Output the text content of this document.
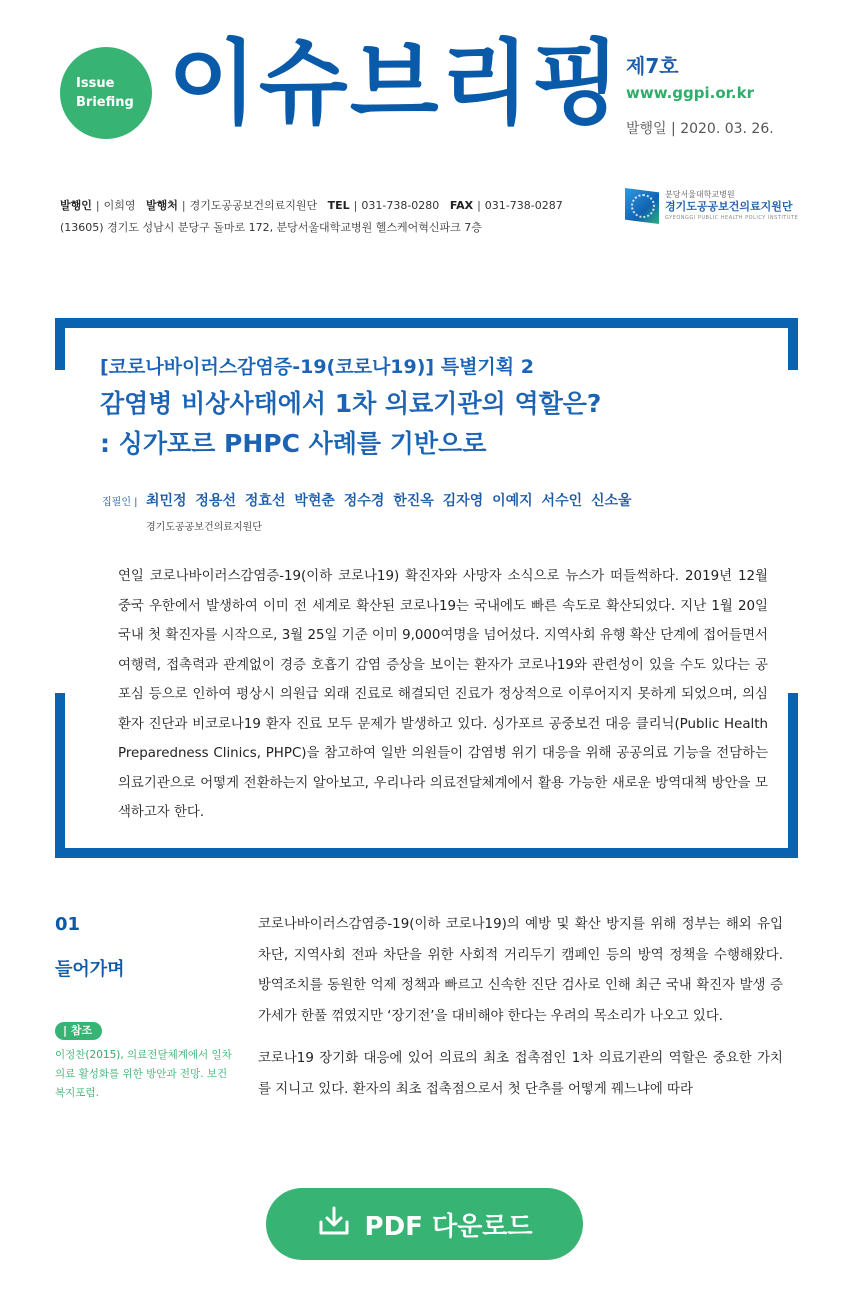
Issue
Briefing 이슈브리핑 제7호
www.ggpi.or.kr
발행일 | 2020. 03. 26.
발행인 | 이희영 발행처 | 경기도공공보건의료지원단 TEL | 031-738-0280 FAX | 031-738-0287
(13605) 경기도 성남시 분당구 돌마로 172, 분당서울대학교병원 헬스케어혁신파크 7층
분당서울대학교병원
경기도공공보건의료지원단
GYEONGGI PUBLIC HEALTH POLICY INSTITUTE
[코로나바이러스감염증-19(코로나19)] 특별기획 2
감염병 비상사태에서 1차 의료기관의 역할은?
: 싱가포르 PHPC 사례를 기반으로
집필인 | 최민정 정용선 정효선 박현춘 정수경 한진옥 김자영 이예지 서수인 신소울
경기도공공보건의료지원단
연일 코로나바이러스감염증-19(이하 코로나19) 확진자와 사망자 소식으로 뉴스가 떠들썩하다. 2019년 12월 중국 우한에서 발생하여 이미 전 세계로 확산된 코로나19는 국내에도 빠른 속도로 확산되었다. 지난 1월 20일 국내 첫 확진자를 시작으로, 3월 25일 기준 이미 9,000여명을 넘어섰다. 지역사회 유행 확산 단계에 접어들면서 여행력, 접촉력과 관계없이 경증 호흡기 감염 증상을 보이는 환자가 코로나19와 관련성이 있을 수도 있다는 공포심 등으로 인하여 평상시 의원급 외래 진료로 해결되던 진료가 정상적으로 이루어지지 못하게 되었으며, 의심환자 진단과 비코로나19 환자 진료 모두 문제가 발생하고 있다. 싱가포르 공중보건 대응 클리닉(Public Health Preparedness Clinics, PHPC)을 참고하여 일반 의원들이 감염병 위기 대응을 위해 공공의료 기능을 전담하는 의료기관으로 어떻게 전환하는지 알아보고, 우리나라 의료전달체계에서 활용 가능한 새로운 방역대책 방안을 모색하고자 한다.
01
들어가며
| 참조
이정찬(2015), 의료전달체계에서 일차의료 활성화를 위한 방안과 전망. 보건복지포럼.

코로나바이러스감염증-19(이하 코로나19)의 예방 및 확산 방지를 위해 정부는 해외 유입 차단, 지역사회 전파 차단을 위한 사회적 거리두기 캠페인 등의 방역 정책을 수행해왔다. 방역조치를 동원한 억제 정책과 빠르고 신속한 진단 검사로 인해 최근 국내 확진자 발생 증가세가 한풀 꺾였지만 ‘장기전’을 대비해야 한다는 우려의 목소리가 나오고 있다.

코로나19 장기화 대응에 있어 의료의 최초 접촉점인 1차 의료기관의 역할은 중요한 가치를 지니고 있다. 환자의 최초 접촉점으로서 첫 단추를 어떻게 꿰느냐에 따라

PDF 다운로드
